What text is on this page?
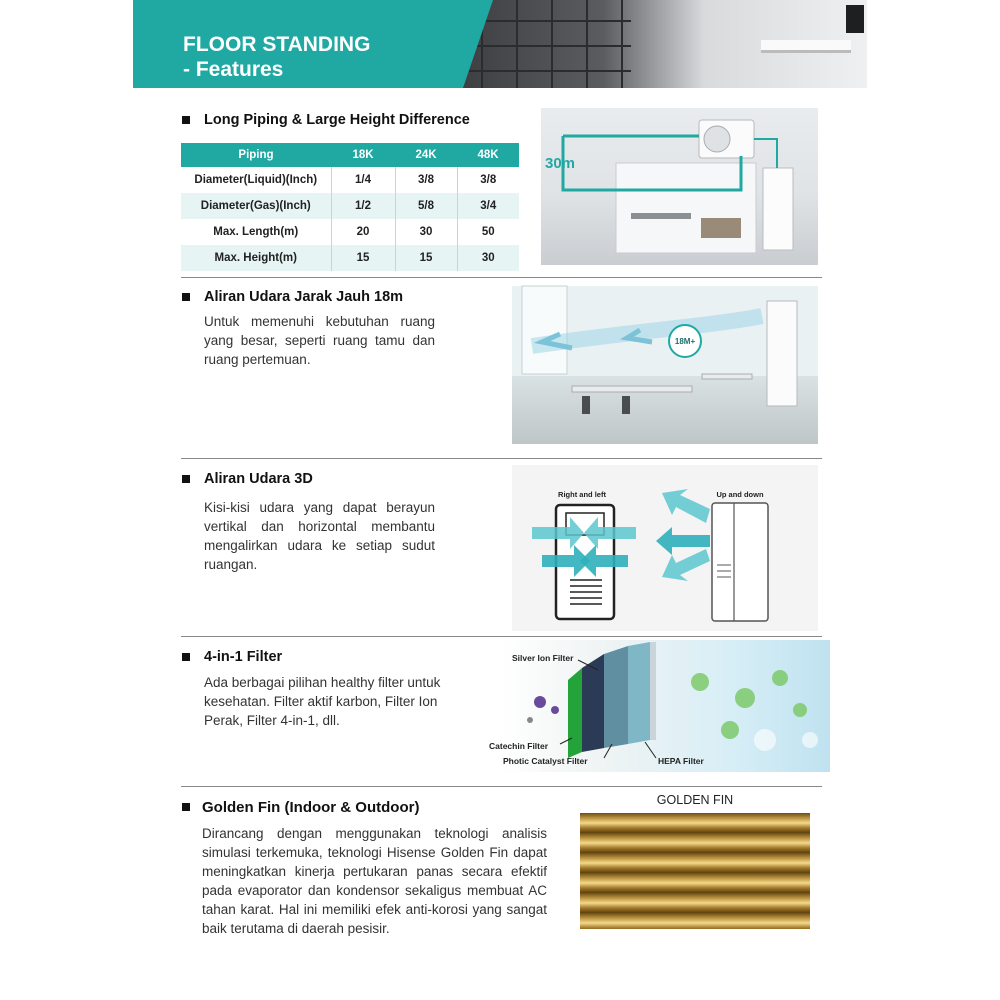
FLOOR STANDING
- Features
Long Piping & Large Height Difference
Piping	18K	24K	48K
Diameter(Liquid)(Inch)	1/4	3/8	3/8
Diameter(Gas)(Inch)	1/2	5/8	3/4
Max. Length(m)	20	30	50
Max. Height(m)	15	15	30
30m
Aliran Udara Jarak Jauh 18m
Untuk memenuhi kebutuhan ruang yang besar, seperti ruang tamu dan ruang pertemuan.
18M+
Aliran Udara 3D
Kisi-kisi udara yang dapat berayun vertikal dan horizontal membantu mengalirkan udara ke setiap sudut ruangan.
Right and left	Up and down
4-in-1 Filter
Ada berbagai pilihan healthy filter untuk kesehatan. Filter aktif karbon, Filter Ion Perak, Filter 4-in-1, dll.
Silver Ion Filter
Catechin Filter
Photic Catalyst Filter	HEPA Filter
Golden Fin (Indoor & Outdoor)
Dirancang dengan menggunakan teknologi analisis simulasi terkemuka, teknologi Hisense Golden Fin dapat meningkatkan kinerja pertukaran panas secara efektif pada evaporator dan kondensor sekaligus membuat AC tahan karat. Hal ini memiliki efek anti-korosi yang sangat baik terutama di daerah pesisir.
GOLDEN FIN
